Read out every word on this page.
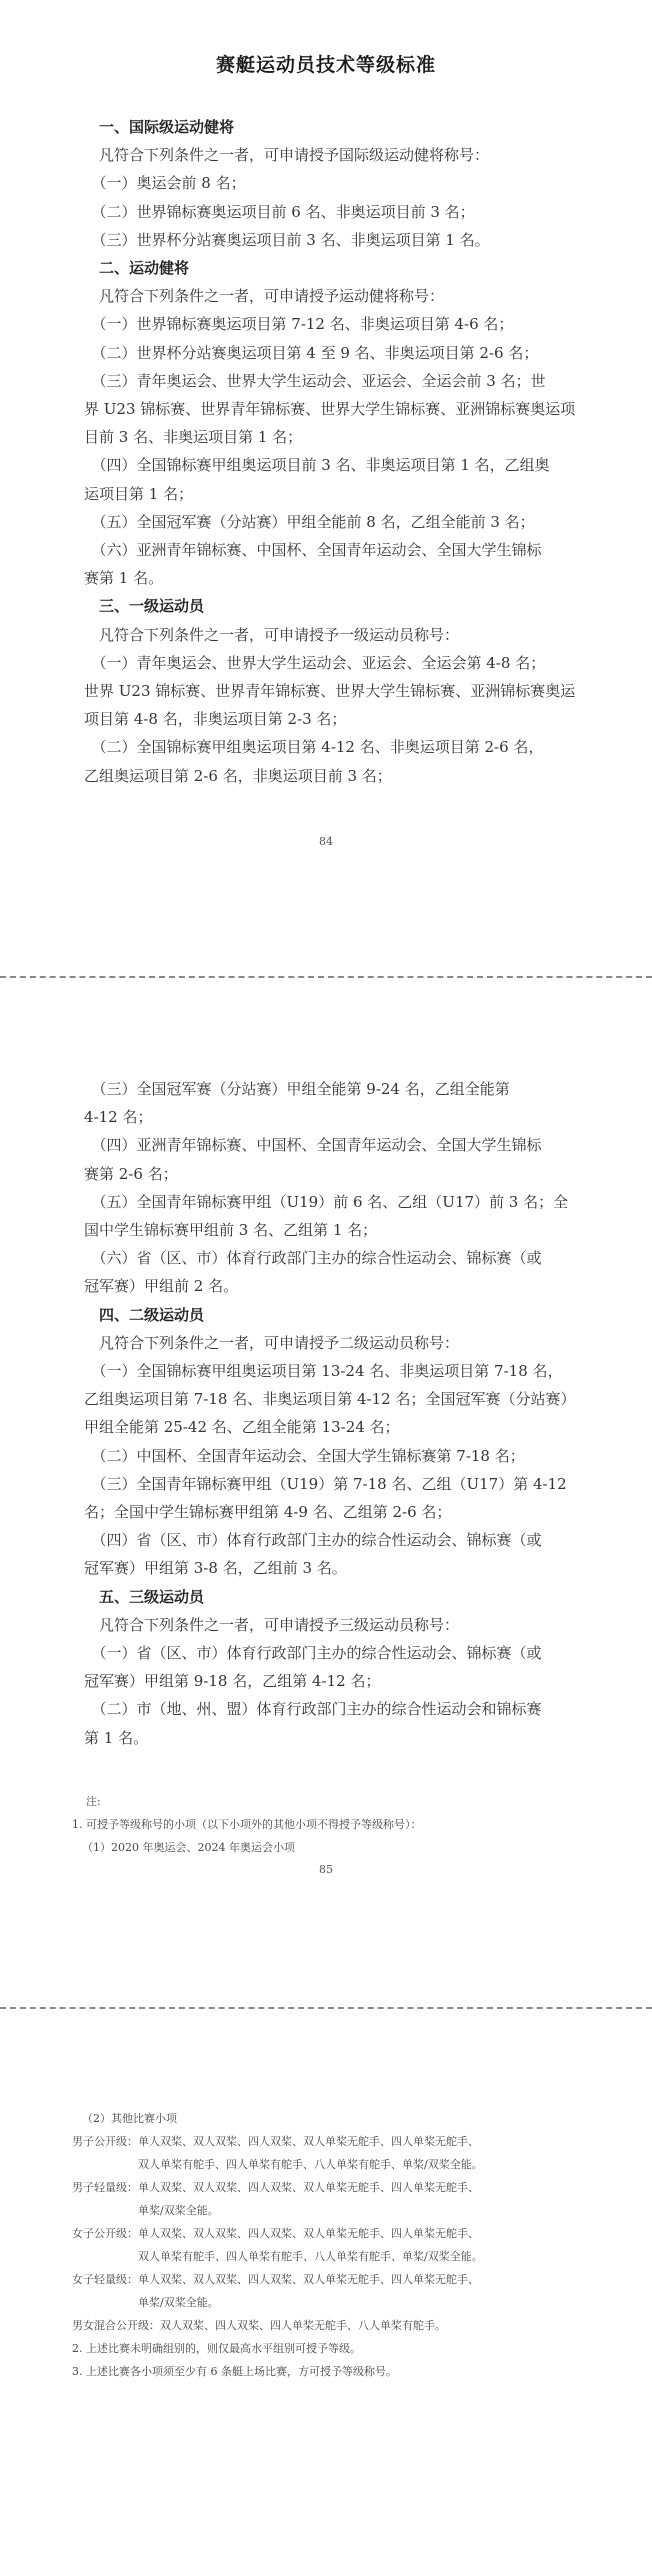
赛艇运动员技术等级标准
一、国际级运动健将
　凡符合下列条件之一者，可申请授予国际级运动健将称号：
　（一）奥运会前 8 名；
　（二）世界锦标赛奥运项目前 6 名、非奥运项目前 3 名；
　（三）世界杯分站赛奥运项目前 3 名、非奥运项目第 1 名。
二、运动健将
　凡符合下列条件之一者，可申请授予运动健将称号：
　（一）世界锦标赛奥运项目第 7-12 名、非奥运项目第 4-6 名；
　（二）世界杯分站赛奥运项目第 4 至 9 名、非奥运项目第 2-6 名；
　（三）青年奥运会、世界大学生运动会、亚运会、全运会前 3 名；世
界 U23 锦标赛、世界青年锦标赛、世界大学生锦标赛、亚洲锦标赛奥运项
目前 3 名、非奥运项目第 1 名；
　（四）全国锦标赛甲组奥运项目前 3 名、非奥运项目第 1 名，乙组奥
运项目第 1 名；
　（五）全国冠军赛（分站赛）甲组全能前 8 名，乙组全能前 3 名；
　（六）亚洲青年锦标赛、中国杯、全国青年运动会、全国大学生锦标
赛第 1 名。
三、一级运动员
　凡符合下列条件之一者，可申请授予一级运动员称号：
　（一）青年奥运会、世界大学生运动会、亚运会、全运会第 4-8 名；
世界 U23 锦标赛、世界青年锦标赛、世界大学生锦标赛、亚洲锦标赛奥运
项目第 4-8 名，非奥运项目第 2-3 名；
　（二）全国锦标赛甲组奥运项目第 4-12 名、非奥运项目第 2-6 名，
乙组奥运项目第 2-6 名，非奥运项目前 3 名；
84
　（三）全国冠军赛（分站赛）甲组全能第 9-24 名，乙组全能第
4-12 名；
　（四）亚洲青年锦标赛、中国杯、全国青年运动会、全国大学生锦标
赛第 2-6 名；
　（五）全国青年锦标赛甲组（U19）前 6 名、乙组（U17）前 3 名；全
国中学生锦标赛甲组前 3 名、乙组第 1 名；
　（六）省（区、市）体育行政部门主办的综合性运动会、锦标赛（或
冠军赛）甲组前 2 名。
四、二级运动员
　凡符合下列条件之一者，可申请授予二级运动员称号：
　（一）全国锦标赛甲组奥运项目第 13-24 名、非奥运项目第 7-18 名，
乙组奥运项目第 7-18 名、非奥运项目第 4-12 名；全国冠军赛（分站赛）
甲组全能第 25-42 名、乙组全能第 13-24 名；
　（二）中国杯、全国青年运动会、全国大学生锦标赛第 7-18 名；
　（三）全国青年锦标赛甲组（U19）第 7-18 名、乙组（U17）第 4-12
名；全国中学生锦标赛甲组第 4-9 名、乙组第 2-6 名；
　（四）省（区、市）体育行政部门主办的综合性运动会、锦标赛（或
冠军赛）甲组第 3-8 名，乙组前 3 名。
五、三级运动员
　凡符合下列条件之一者，可申请授予三级运动员称号：
　（一）省（区、市）体育行政部门主办的综合性运动会、锦标赛（或
冠军赛）甲组第 9-18 名，乙组第 4-12 名；
　（二）市（地、州、盟）体育行政部门主办的综合性运动会和锦标赛
第 1 名。
注:
1. 可授予等级称号的小项（以下小项外的其他小项不得授予等级称号）：
（1）2020 年奥运会、2024 年奥运会小项
85
（2）其他比赛小项
男子公开级： 单人双桨、双人双桨、四人双桨、双人单桨无舵手、四人单桨无舵手、
双人单桨有舵手、四人单桨有舵手、八人单桨有舵手、单桨/双桨全能。
男子轻量级： 单人双桨、双人双桨、四人双桨、双人单桨无舵手、四人单桨无舵手、
单桨/双桨全能。
女子公开级： 单人双桨、双人双桨、四人双桨、双人单桨无舵手、四人单桨无舵手、
双人单桨有舵手、四人单桨有舵手、八人单桨有舵手、单桨/双桨全能。
女子轻量级： 单人双桨、双人双桨、四人双桨、双人单桨无舵手、四人单桨无舵手、
单桨/双桨全能。
男女混合公开级： 双人双桨、四人双桨、四人单桨无舵手、八人单桨有舵手。
2. 上述比赛未明确组别的，则仅最高水平组别可授予等级。
3. 上述比赛各小项须至少有 6 条艇上场比赛，方可授予等级称号。
